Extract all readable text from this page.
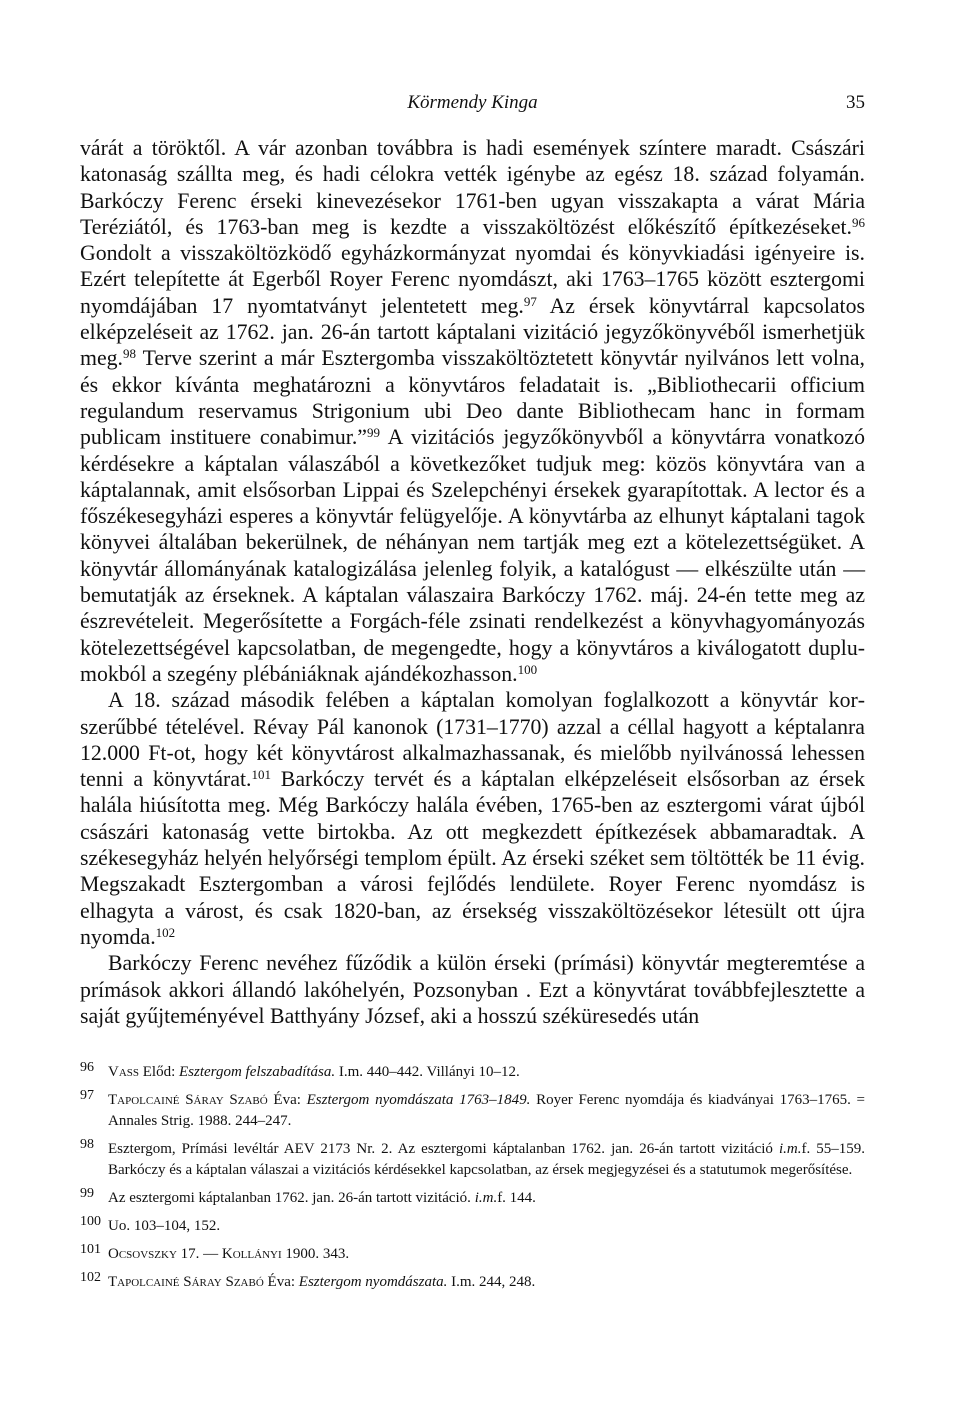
Körmendy Kinga	35

várát a töröktől. A vár azonban továbbra is hadi események színtere maradt. Császári katonaság szállta meg, és hadi célokra vették igénybe az egész 18. század folyamán. Barkóczy Ferenc érseki kinevezésekor 1761-ben ugyan visszakapta a várat Mária Teréziától, és 1763-ban meg is kezdte a visszaköltözést előkészítő építkezéseket.$^{96}$ Gondolt a visszaköltözködő egyházkormányzat nyomdai és könyvkiadási igényeire is. Ezért telepítette át Egerből Royer Ferenc nyomdászt, aki 1763–1765 között esztergomi nyomdájában 17 nyomtatványt jelentetett meg.$^{97}$ Az érsek könyvtárral kapcsolatos elképzeléseit az 1762. jan. 26-án tartott káptalani vizitáció jegyzőkönyvéből ismerhetjük meg.$^{98}$ Terve szerint a már Esztergomba visszaköltöztetett könyvtár nyilvános lett volna, és ekkor kívánta meghatározni a könyvtáros feladatait is. „Bibliothecarii officium regulandum reservamus Strigonium ubi Deo dante Bibliothecam hanc in formam publicam instituere conabimur.”$^{99}$ A vizitációs jegyzőkönyvből a könyvtárra vonatkozó kérdésekre a káptalan válaszából a következőket tudjuk meg: közös könyvtára van a káptalannak, amit elsősorban Lippai és Szelepchényi érsekek gyarapítottak. A lector és a főszékesegyházi esperes a könyvtár felügyelője. A könyvtárba az elhunyt káptalani tagok könyvei általában bekerülnek, de néhányan nem tartják meg ezt a kötelezettségüket. A könyvtár állományának katalogizálása jelenleg folyik, a katalógust — elkészülte után — bemutatják az érseknek. A káptalan válaszaira Barkóczy 1762. máj. 24-én tette meg az észrevételeit. Megerősítette a Forgách-féle zsinati rendelkezést a könyvhagyományozás kötelezettségével kapcsolatban, de megengedte, hogy a könyvtáros a kiválogatott duplumokból a szegény plébániáknak ajándékozhasson.$^{100}$

A 18. század második felében a káptalan komolyan foglalkozott a könyvtár korszerűbbé tételével. Révay Pál kanonok (1731–1770) azzal a céllal hagyott a képtalanra 12.000 Ft-ot, hogy két könyvtárost alkalmazhassanak, és mielőbb nyilvánossá lehessen tenni a könyvtárat.$^{101}$ Barkóczy tervét és a káptalan elképzeléseit elsősorban az érsek halála hiúsította meg. Még Barkóczy halála évében, 1765-ben az esztergomi várat újból császári katonaság vette birtokba. Az ott megkezdett építkezések abbamaradtak. A székesegyház helyén helyőrségi templom épült. Az érseki széket sem töltötték be 11 évig. Megszakadt Esztergomban a városi fejlődés lendülete. Royer Ferenc nyomdász is elhagyta a várost, és csak 1820-ban, az érsekség visszaköltözésekor létesült ott újra nyomda.$^{102}$

Barkóczy Ferenc nevéhez fűződik a külön érseki (prímási) könyvtár megteremtése a prímások akkori állandó lakóhelyén, Pozsonyban . Ezt a könyvtárat továbbfejlesztette a saját gyűjteményével Batthyány József, aki a hosszú széküresedés után

96 Vass Előd: Esztergom felszabadítása. I.m. 440–442. Villányi 10–12.
97 Tapolcainé Sáray Szabó Éva: Esztergom nyomdászata 1763–1849. Royer Ferenc nyomdája és kiadványai 1763–1765. = Annales Strig. 1988. 244–247.
98 Esztergom, Prímási levéltár AEV 2173 Nr. 2. Az esztergomi káptalanban 1762. jan. 26-án tartott vizitáció i.m.f. 55–159. Barkóczy és a káptalan válaszai a vizitációs kérdésekkel kapcsolatban, az érsek megjegyzései és a statutumok megerősítése.
99 Az esztergomi káptalanban 1762. jan. 26-án tartott vizitáció. i.m.f. 144.
100 Uo. 103–104, 152.
101 Ocsovszky 17. — Kollányi 1900. 343.
102 Tapolcainé Sáray Szabó Éva: Esztergom nyomdászata. I.m. 244, 248.
